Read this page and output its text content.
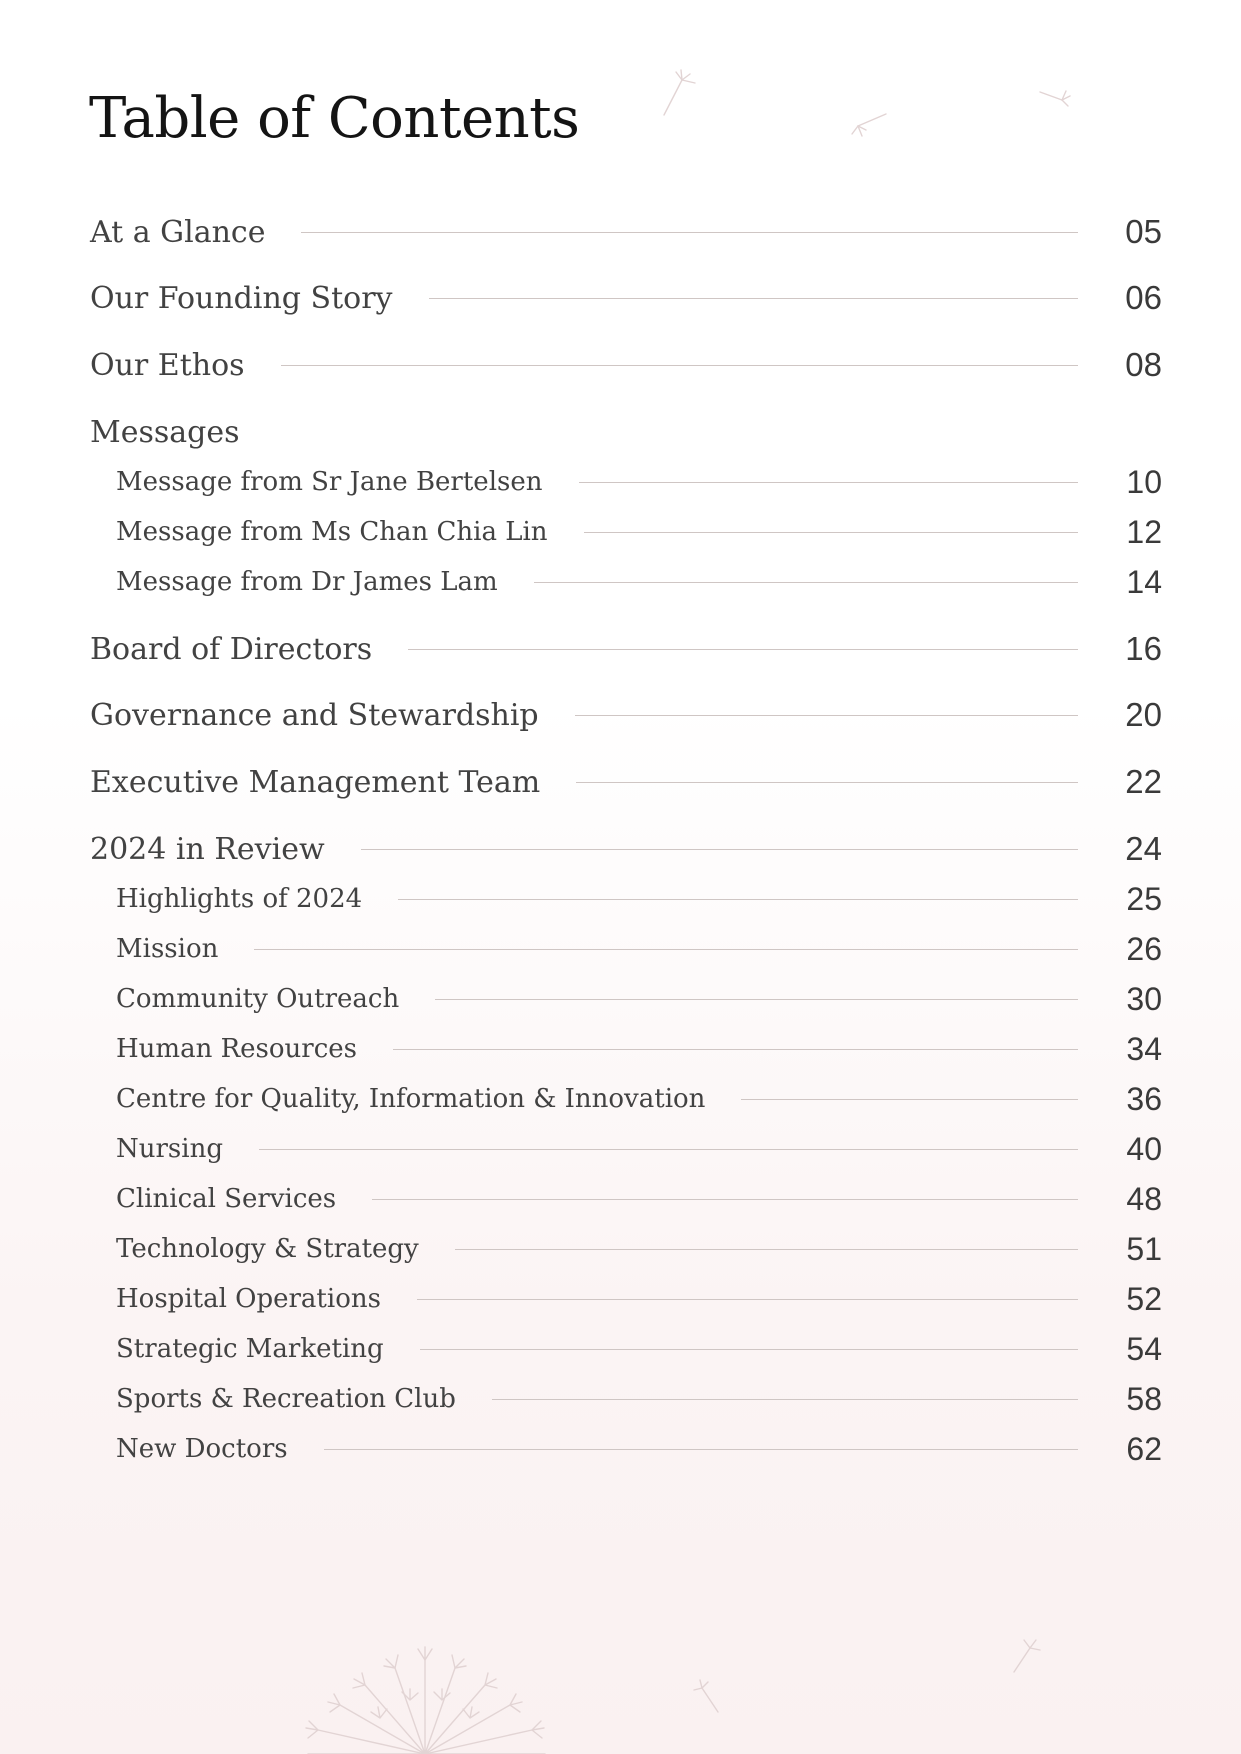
Table of Contents
At a Glance	05
Our Founding Story	06
Our Ethos	08
Messages
Message from Sr Jane Bertelsen	10
Message from Ms Chan Chia Lin	12
Message from Dr James Lam	14
Board of Directors	16
Governance and Stewardship	20
Executive Management Team	22
2024 in Review	24
Highlights of 2024	25
Mission	26
Community Outreach	30
Human Resources	34
Centre for Quality, Information & Innovation	36
Nursing	40
Clinical Services	48
Technology & Strategy	51
Hospital Operations	52
Strategic Marketing	54
Sports & Recreation Club	58
New Doctors	62
